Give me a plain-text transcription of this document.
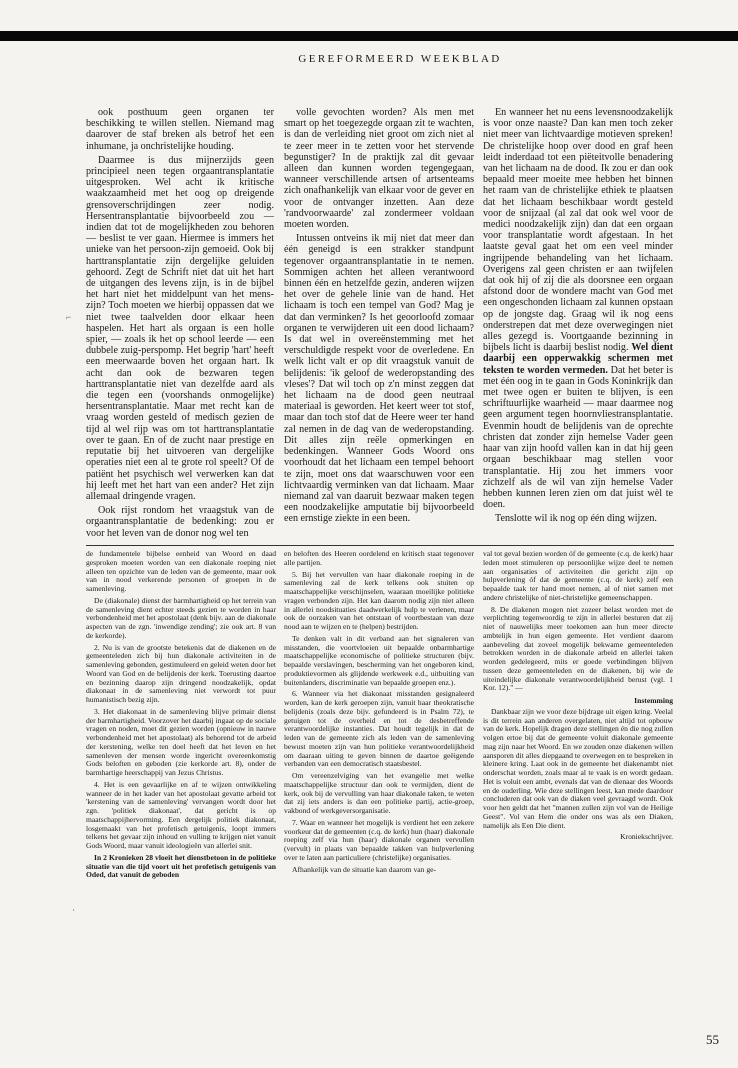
GEREFORMEERD WEEKBLAD

ook posthuum geen organen ter beschikking te willen stellen. Niemand mag daarover de staf breken als betrof het een inhumane, ja onchristelijke houding.

Daarmee is dus mijnerzijds geen principieel neen tegen orgaantransplantatie uitgesproken. Wel acht ik kritische waakzaamheid met het oog op dreigende grensoverschrijdingen zeer nodig. Hersentransplantatie bijvoorbeeld zou — indien dat tot de mogelijkheden zou behoren — beslist te ver gaan. Hiermee is immers het unieke van het persoon-zijn gemoeid. Ook bij harttransplantatie zijn dergelijke geluiden gehoord. Zegt de Schrift niet dat uit het hart de uitgangen des levens zijn, is in de bijbel het hart niet het middelpunt van het mens-zijn? Toch moeten we hierbij oppassen dat we niet twee taalvelden door elkaar heen haspelen. Het hart als orgaan is een holle spier, — zoals ik het op school leerde — een dubbele zuig-perspomp. Het begrip 'hart' heeft een meerwaarde boven het orgaan hart. Ik acht dan ook de bezwaren tegen harttransplantatie niet van dezelfde aard als die tegen een (voorshands onmogelijke) hersentransplantatie. Maar met recht kan de vraag worden gesteld of medisch gezien de tijd al wel rijp was om tot harttransplantatie over te gaan. En of de zucht naar prestige en reputatie bij het uitvoeren van dergelijke operaties niet een al te grote rol speelt? Of de patiënt het psychisch wel verwerken kan dat hij leeft met het hart van een ander? Het zijn allemaal dringende vragen.

Ook rijst rondom het vraagstuk van de orgaantransplantatie de bedenking: zou er voor het leven van de donor nog wel ten

volle gevochten worden? Als men met smart op het toegezegde orgaan zit te wachten, is dan de verleiding niet groot om zich niet al te zeer meer in te zetten voor het stervende begunstiger? In de praktijk zal dit gevaar alleen dan kunnen worden tegengegaan, wanneer verschillende artsen of artsenteams zich onafhankelijk van elkaar voor de gever en voor de ontvanger inzetten. Aan deze 'randvoorwaarde' zal zondermeer voldaan moeten worden.

Intussen ontveins ik mij niet dat meer dan één geneigd is een strakker standpunt tegenover orgaantransplantatie in te nemen. Sommigen achten het alleen verantwoord binnen één en hetzelfde gezin, anderen wijzen het over de gehele linie van de hand. Het lichaam is toch een tempel van God? Mag je dat dan verminken? Is het geoorloofd zomaar organen te verwijderen uit een dood lichaam? Is dat wel in overeënstemming met het verschuldigde respekt voor de overledene. En welk licht valt er op dit vraagstuk vanuit de belijdenis: 'ik geloof de wederopstanding des vleses'? Dat wil toch op z'n minst zeggen dat het lichaam na de dood geen neutraal materiaal is geworden. Het keert weer tot stof, maar dan toch stof dat de Heere weer ter hand zal nemen in de dag van de wederopstanding. Dit alles zijn reële opmerkingen en bedenkingen. Wanneer Gods Woord ons voorhoudt dat het lichaam een tempel behoort te zijn, moet ons dat waarschuwen voor een lichtvaardig verminken van dat lichaam. Maar niemand zal van daaruit bezwaar maken tegen een noodzakelijke amputatie bij bijvoorbeeld een ernstige ziekte in een been.

En wanneer het nu eens levensnoodzakelijk is voor onze naaste? Dan kan men toch zeker niet meer van lichtvaardige motieven spreken! De christelijke hoop over dood en graf heen leidt inderdaad tot een piëteitvolle benadering van het lichaam na de dood. Ik zou er dan ook bepaald meer moeite mee hebben het binnen het raam van de christelijke ethiek te plaatsen dat het lichaam beschikbaar wordt gesteld voor de snijzaal (al zal dat ook wel voor de medici noodzakelijk zijn) dan dat een orgaan voor transplantatie wordt afgestaan. In het laatste geval gaat het om een veel minder ingrijpende behandeling van het lichaam. Overigens zal geen christen er aan twijfelen dat ook hij of zij die als doorsnee een orgaan afstond door de wondere macht van God met een ongeschonden lichaam zal kunnen opstaan op de jongste dag. Graag wil ik nog eens onderstrepen dat met deze overwegingen niet alles gezegd is. Voortgaande bezinning in bijbels licht is daarbij beslist nodig. Wel dient daarbij een opperwakkig schermen met teksten te worden vermeden. Dat het beter is met één oog in te gaan in Gods Koninkrijk dan met twee ogen er buiten te blijven, is een schriftuurlijke waarheid — maar daarmee nog geen argument tegen hoornvliestransplantatie. Evenmin houdt de belijdenis van de oprechte christen dat zonder zijn hemelse Vader geen haar van zijn hoofd vallen kan in dat hij geen orgaan beschikbaar mag stellen voor transplantatie. Hij zou het immers voor zichzelf als de wil van zijn hemelse Vader hebben kunnen leren zien om dat juist wèl te doen.

Tenslotte wil ik nog op één ding wijzen.

de fundamentele bijbelse eenheid van Woord en daad gesproken moeten worden van een diakonale roeping niet alleen ten opzichte van de leden van de gemeente, maar ook van in nood verkerende personen of groepen in de samenleving.

De (diakonale) dienst der barmhartigheid op het terrein van de samenleving dient echter steeds gezien te worden in haar verbondenheid met het apostolaat (denk bijv. aan de diakonale aspecten van de zgn. 'inwendige zending'; zie ook art. 8 van de kerkorde).

2. Nu is van de grootste betekenis dat de diakenen en de gemeenteleden zich bij hun diakonale activiteiten in de samenleving gebonden, gestimuleerd en geleid weten door het Woord van God en de belijdenis der kerk. Toerusting daartoe en bezinning daarop zijn dringend noodzakelijk, opdat diakonaat in de samenleving niet verwordt tot puur humanistisch bezig zijn.

3. Het diakonaat in de samenleving blijve primair dienst der barmhartigheid. Voorzover het daarbij ingaat op de sociale vragen en noden, moet dit gezien worden (opnieuw in nauwe verbondenheid met het apostolaat) als behorend tot de arbeid der kerstening, welke ten doel heeft dat het leven en het samenleven der mensen worde ingericht overeenkomstig Gods beloften en geboden (zie kerkorde art. 8), onder de barmhartige heerschappij van Jezus Christus.

4. Het is een gevaarlijke en af te wijzen ontwikkeling wanneer de in het kader van het apostolaat gevatte arbeid tot 'kerstening van de samenleving' vervangen wordt door het zgn. 'politiek diakonaat', dat gericht is op maatschappijhervorming. Een dergelijk politiek diakonaat, losgemaakt van het profetisch getuigenis, loopt immers telkens het gevaar zijn inhoud en vulling te krijgen niet vanuit Gods Woord, maar vanuit ideologieën van allerlei snit.

In 2 Kronieken 28 vloeit het dienstbetoon in de politieke situatie van die tijd voort uit het profetisch getuigenis van Oded, dat vanuit de geboden

en beloften des Heeren oordelend en kritisch staat tegenover alle partijen.

5. Bij het vervullen van haar diakonale roeping in de samenleving zal de kerk telkens ook stuiten op maatschappelijke verschijnselen, waaraan moeilijke politieke vragen verbonden zijn. Het kan daarom nodig zijn niet alleen in allerlei noodsituaties daadwerkelijk hulp te verlenen, maar ook de oorzaken van het ontstaan of voortbestaan van deze nood aan te wijzen en te (helpen) bestrijden.

Te denken valt in dit verband aan het signaleren van misstanden, die voortvloeien uit bepaalde onbarmhartige maatschappelijke economische of politieke structuren (bijv. bepaalde verslavingen, bescherming van het ongeboren kind, produktievormen als glijdende werkweek e.d., uitbuiting van buitenlanders, discriminatie van bepaalde groepen enz.).

6. Wanneer via het diakonaat misstanden gesignaleerd worden, kan de kerk geroepen zijn, vanuit haar theokratische belijdenis (zoals deze bijv. gefundeerd is in Psalm 72), te getuigen tot de overheid en tot de desbetreffende verantwoordelijke instanties. Dat houdt tegelijk in dat de leden van de gemeente zich als leden van de samenleving bewust moeten zijn van hun politieke verantwoordelijkheid om daaraan uiting te geven binnen de daartoe geëigende verbanden van een democratisch staatsbestel.

Om vereenzelviging van het evangelie met welke maatschappelijke structuur dan ook te vermijden, dient de kerk, ook bij de vervulling van haar diakonale taken, te weten dat zij iets anders is dan een politieke partij, actie-groep, vakbond of werkgeversorganisatie.

7. Waar en wanneer het mogelijk is verdient het een zekere voorkeur dat de gemeenten (c.q. de kerk) hun (haar) diakonale roeping zelf via hun (haar) diakonale organen vervullen (vervult) in plaats van bepaalde takken van hulpverlening over te laten aan particuliere (christelijke) organisaties.

Afhankelijk van de situatie kan daarom van ge-

val tot geval bezien worden óf de gemeente (c.q. de kerk) haar leden moet stimuleren op persoonlijke wijze deel te nemen aan organisaties of activiteiten die gericht zijn op hulpverlening óf dat de gemeente (c.q. de kerk) zelf een bepaalde taak ter hand moet nemen, al of niet samen met andere christelijke of niet-christelijke gemeenschappen.

8. De diakenen mogen niet zozeer belast worden met de verplichting tegenwoordig te zijn in allerlei besturen dat zij niet of nauwelijks meer toekomen aan hun meer directe ambtelijk in hun eigen gemeente. Het verdient daarom aanbeveling dat zoveel mogelijk bekwame gemeenteleden betrokken worden in de diakonale arbeid en allerlei taken worden gedelegeerd, mits er goede verbindingen blijven tussen deze gemeenteleden en de diakenen, bij wie de uiteindelijke diakonale verantwoordelijkheid berust (vgl. 1 Kor. 12)." —

Instemming

Dankbaar zijn we voor deze bijdrage uit eigen kring. Veelal is dit terrein aan anderen overgelaten, niet altijd tot opbouw van de kerk. Hopelijk dragen deze stellingen én die nog zullen volgen ertoe bij dat de gemeente voluit diakonale gemeente mag zijn naar het Woord. En we zouden onze diakenen willen aansporen dit alles diepgaand te overwegen en te bespreken in kleinere kring. Laat ook in de gemeente het diakenambt niet onderschat worden, zoals maar al te vaak is en wordt gedaan. Het is voluit een ambt, evenals dat van de dienaar des Woords en de ouderling. Wie deze stellingen leest, kan mede daardoor concluderen dat ook van de diaken veel gevraagd wordt. Ook voor hen geldt dat het "mannen zullen zijn vol van de Heilige Geest". Vol van Hem die onder ons was als een Diaken, namelijk als Een Die dient.

Kroniekschrijver.
⌐
·
55
